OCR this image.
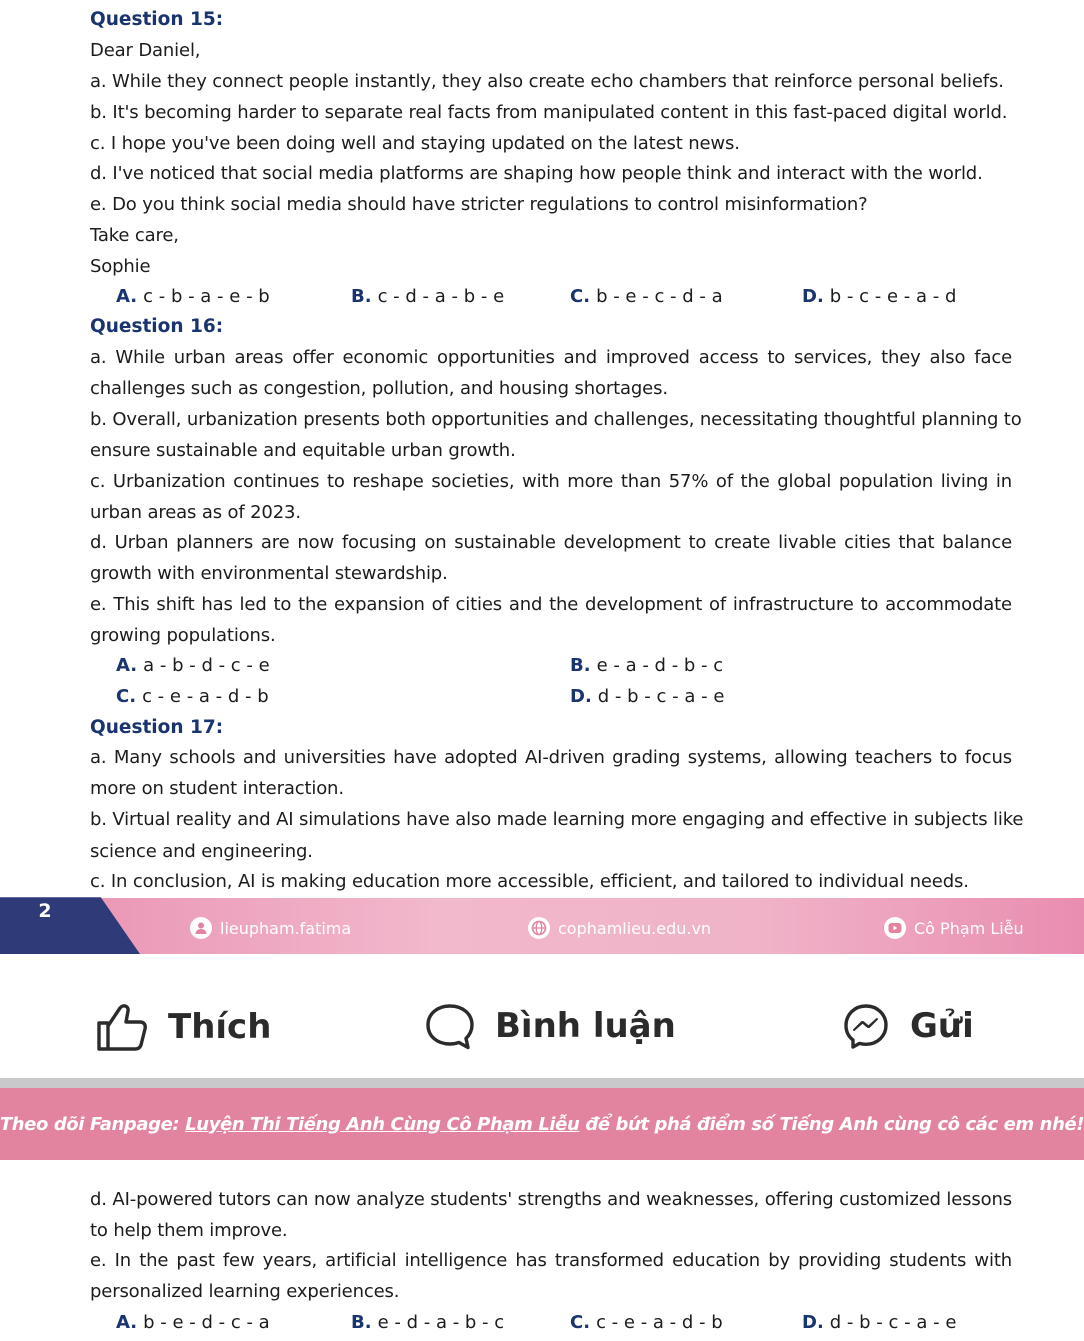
Question 15:
Dear Daniel,
a. While they connect people instantly, they also create echo chambers that reinforce personal beliefs.
b. It's becoming harder to separate real facts from manipulated content in this fast-paced digital world.
c. I hope you've been doing well and staying updated on the latest news.
d. I've noticed that social media platforms are shaping how people think and interact with the world.
e. Do you think social media should have stricter regulations to control misinformation?
Take care,
Sophie
A. c - b - a - e - b	B. c - d - a - b - e	C. b - e - c - d - a	D. b - c - e - a - d
Question 16:
a. While urban areas offer economic opportunities and improved access to services, they also face
challenges such as congestion, pollution, and housing shortages.
b. Overall, urbanization presents both opportunities and challenges, necessitating thoughtful planning to
ensure sustainable and equitable urban growth.
c. Urbanization continues to reshape societies, with more than 57% of the global population living in
urban areas as of 2023.
d. Urban planners are now focusing on sustainable development to create livable cities that balance
growth with environmental stewardship.
e. This shift has led to the expansion of cities and the development of infrastructure to accommodate
growing populations.
A. a - b - d - c - e	B. e - a - d - b - c
C. c - e - a - d - b	D. d - b - c - a - e
Question 17:
a. Many schools and universities have adopted AI-driven grading systems, allowing teachers to focus
more on student interaction.
b. Virtual reality and AI simulations have also made learning more engaging and effective in subjects like
science and engineering.
c. In conclusion, AI is making education more accessible, efficient, and tailored to individual needs.
2
lieupham.fatima	cophamlieu.edu.vn	Cô Phạm Liễu
Thích	Bình luận	Gửi
Theo dõi Fanpage: Luyện Thi Tiếng Anh Cùng Cô Phạm Liễu để bứt phá điểm số Tiếng Anh cùng cô các em nhé!
d. AI-powered tutors can now analyze students' strengths and weaknesses, offering customized lessons
to help them improve.
e. In the past few years, artificial intelligence has transformed education by providing students with
personalized learning experiences.
A. b - e - d - c - a	B. e - d - a - b - c	C. c - e - a - d - b	D. d - b - c - a - e
